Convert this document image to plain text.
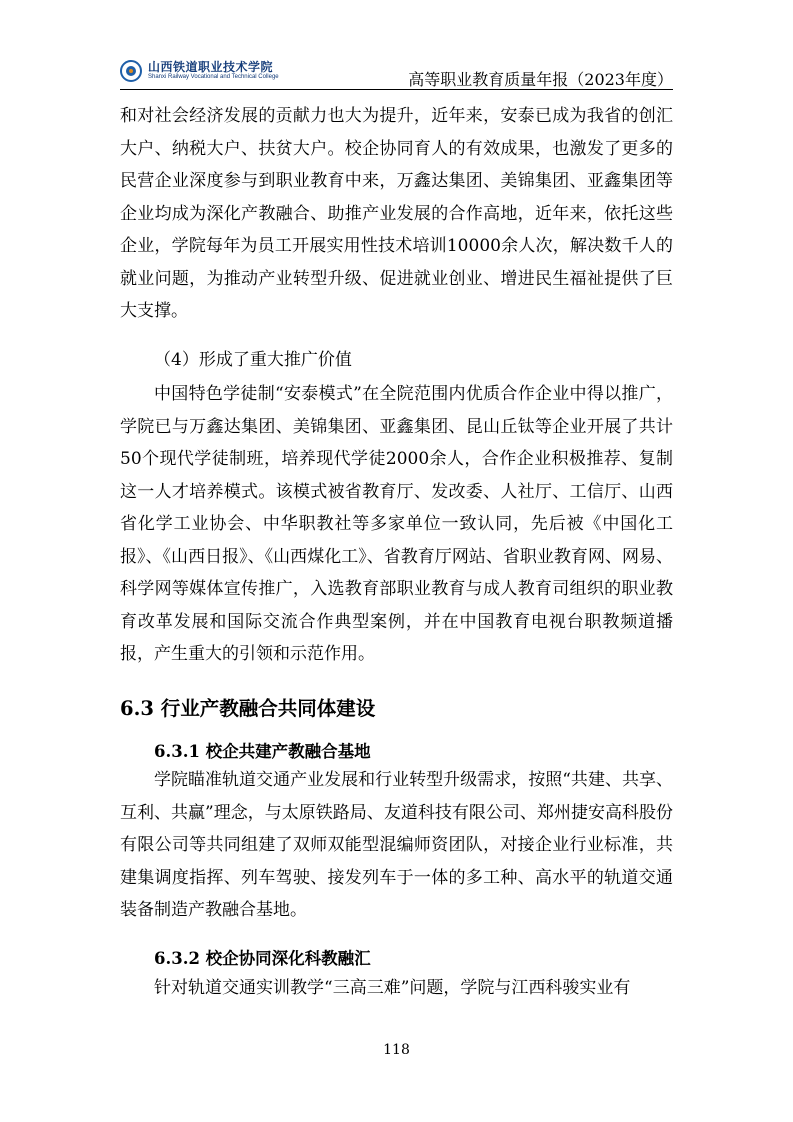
山西铁道职业技术学院
Shanxi Railway Vocational and Technical College	高等职业教育质量年报（2023年度）
和对社会经济发展的贡献力也大为提升，近年来，安泰已成为我省的创汇大户、纳税大户、扶贫大户。校企协同育人的有效成果，也激发了更多的民营企业深度参与到职业教育中来，万鑫达集团、美锦集团、亚鑫集团等企业均成为深化产教融合、助推产业发展的合作高地，近年来，依托这些企业，学院每年为员工开展实用性技术培训10000余人次，解决数千人的就业问题，为推动产业转型升级、促进就业创业、增进民生福祉提供了巨大支撑。
（4）形成了重大推广价值
中国特色学徒制“安泰模式”在全院范围内优质合作企业中得以推广，学院已与万鑫达集团、美锦集团、亚鑫集团、昆山丘钛等企业开展了共计50个现代学徒制班，培养现代学徒2000余人，合作企业积极推荐、复制这一人才培养模式。该模式被省教育厅、发改委、人社厅、工信厅、山西省化学工业协会、中华职教社等多家单位一致认同，先后被《中国化工报》、《山西日报》、《山西煤化工》、省教育厅网站、省职业教育网、网易、科学网等媒体宣传推广，入选教育部职业教育与成人教育司组织的职业教育改革发展和国际交流合作典型案例，并在中国教育电视台职教频道播报，产生重大的引领和示范作用。
6.3 行业产教融合共同体建设
6.3.1 校企共建产教融合基地
学院瞄准轨道交通产业发展和行业转型升级需求，按照“共建、共享、互利、共赢”理念，与太原铁路局、友道科技有限公司、郑州捷安高科股份有限公司等共同组建了双师双能型混编师资团队，对接企业行业标准，共建集调度指挥、列车驾驶、接发列车于一体的多工种、高水平的轨道交通装备制造产教融合基地。
6.3.2 校企协同深化科教融汇
针对轨道交通实训教学“三高三难”问题，学院与江西科骏实业有
118
